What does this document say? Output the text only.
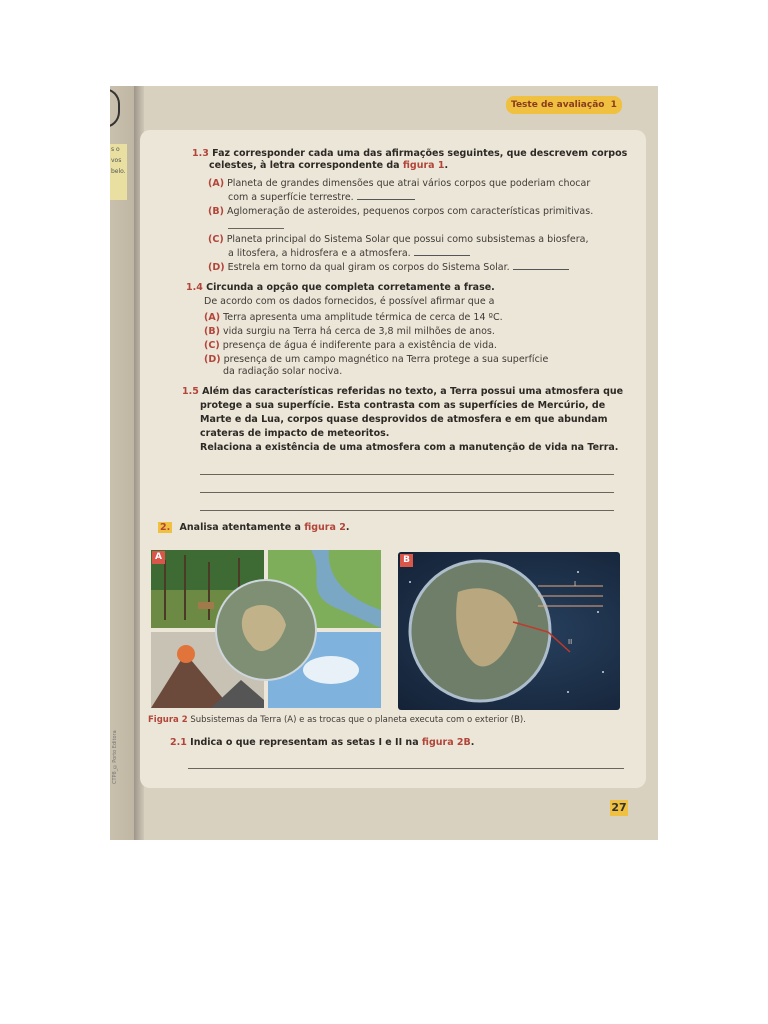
s o
vos
belo.
CTP8_©Porto Editora
Teste de avaliação 1
1.3 Faz corresponder cada uma das afirmações seguintes, que descrevem corpos
celestes, à letra correspondente da figura 1.
(A) Planeta de grandes dimensões que atrai vários corpos que poderiam chocar
com a superfície terrestre.
(B) Aglomeração de asteroides, pequenos corpos com características primitivas.
(C) Planeta principal do Sistema Solar que possui como subsistemas a biosfera,
a litosfera, a hidrosfera e a atmosfera.
(D) Estrela em torno da qual giram os corpos do Sistema Solar.
1.4 Circunda a opção que completa corretamente a frase.
De acordo com os dados fornecidos, é possível afirmar que a
(A) Terra apresenta uma amplitude térmica de cerca de 14 ºC.
(B) vida surgiu na Terra há cerca de 3,8 mil milhões de anos.
(C) presença de água é indiferente para a existência de vida.
(D) presença de um campo magnético na Terra protege a sua superfície
da radiação solar nociva.
1.5 Além das características referidas no texto, a Terra possui uma atmosfera que
protege a sua superfície. Esta contrasta com as superfícies de Mercúrio, de
Marte e da Lua, corpos quase desprovidos de atmosfera e em que abundam
crateras de impacto de meteoritos.
Relaciona a existência de uma atmosfera com a manutenção de vida na Terra.
2. Analisa atentamente a figura 2.
A	B
I
II
Figura 2 Subsistemas da Terra (A) e as trocas que o planeta executa com o exterior (B).
2.1 Indica o que representam as setas I e II na figura 2B.
27
